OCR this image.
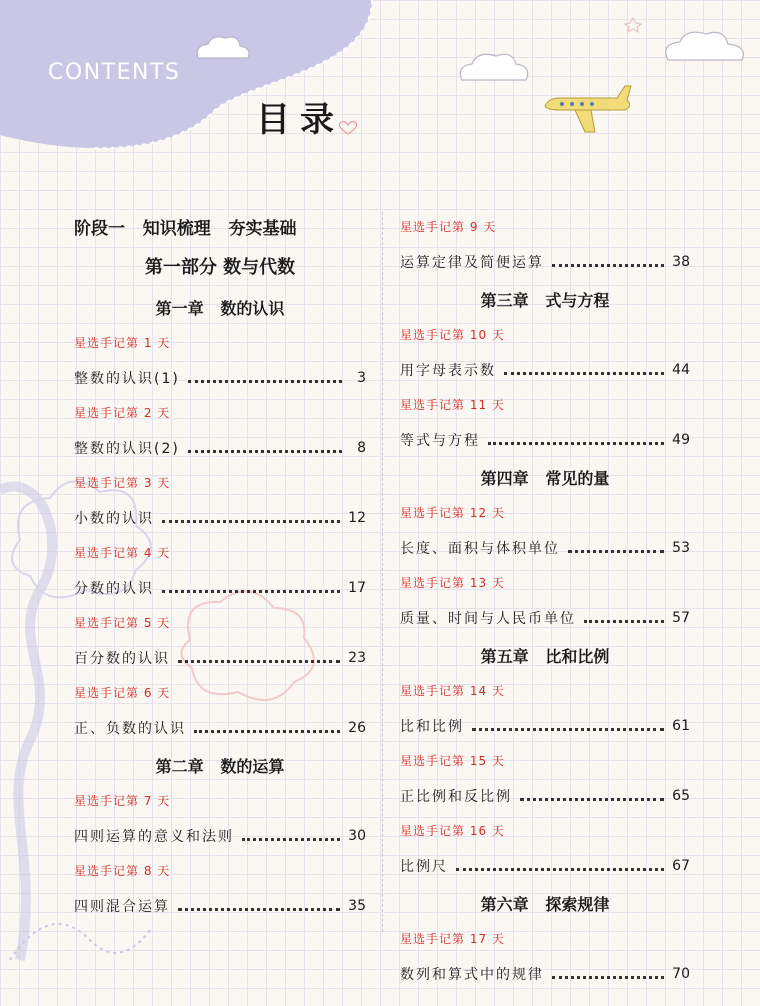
CONTENTS
目录
阶段一   知识梳理   夯实基础
第一部分 数与代数
第一章   数的认识
星选手记第 1 天
整数的认识(1)	3
星选手记第 2 天
整数的认识(2)	8
星选手记第 3 天
小数的认识	12
星选手记第 4 天
分数的认识	17
星选手记第 5 天
百分数的认识	23
星选手记第 6 天
正、负数的认识	26
第二章   数的运算
星选手记第 7 天
四则运算的意义和法则	30
星选手记第 8 天
四则混合运算	35
星选手记第 9 天
运算定律及简便运算	38
第三章   式与方程
星选手记第 10 天
用字母表示数	44
星选手记第 11 天
等式与方程	49
第四章   常见的量
星选手记第 12 天
长度、面积与体积单位	53
星选手记第 13 天
质量、时间与人民币单位	57
第五章   比和比例
星选手记第 14 天
比和比例	61
星选手记第 15 天
正比例和反比例	65
星选手记第 16 天
比例尺	67
第六章   探索规律
星选手记第 17 天
数列和算式中的规律	70
